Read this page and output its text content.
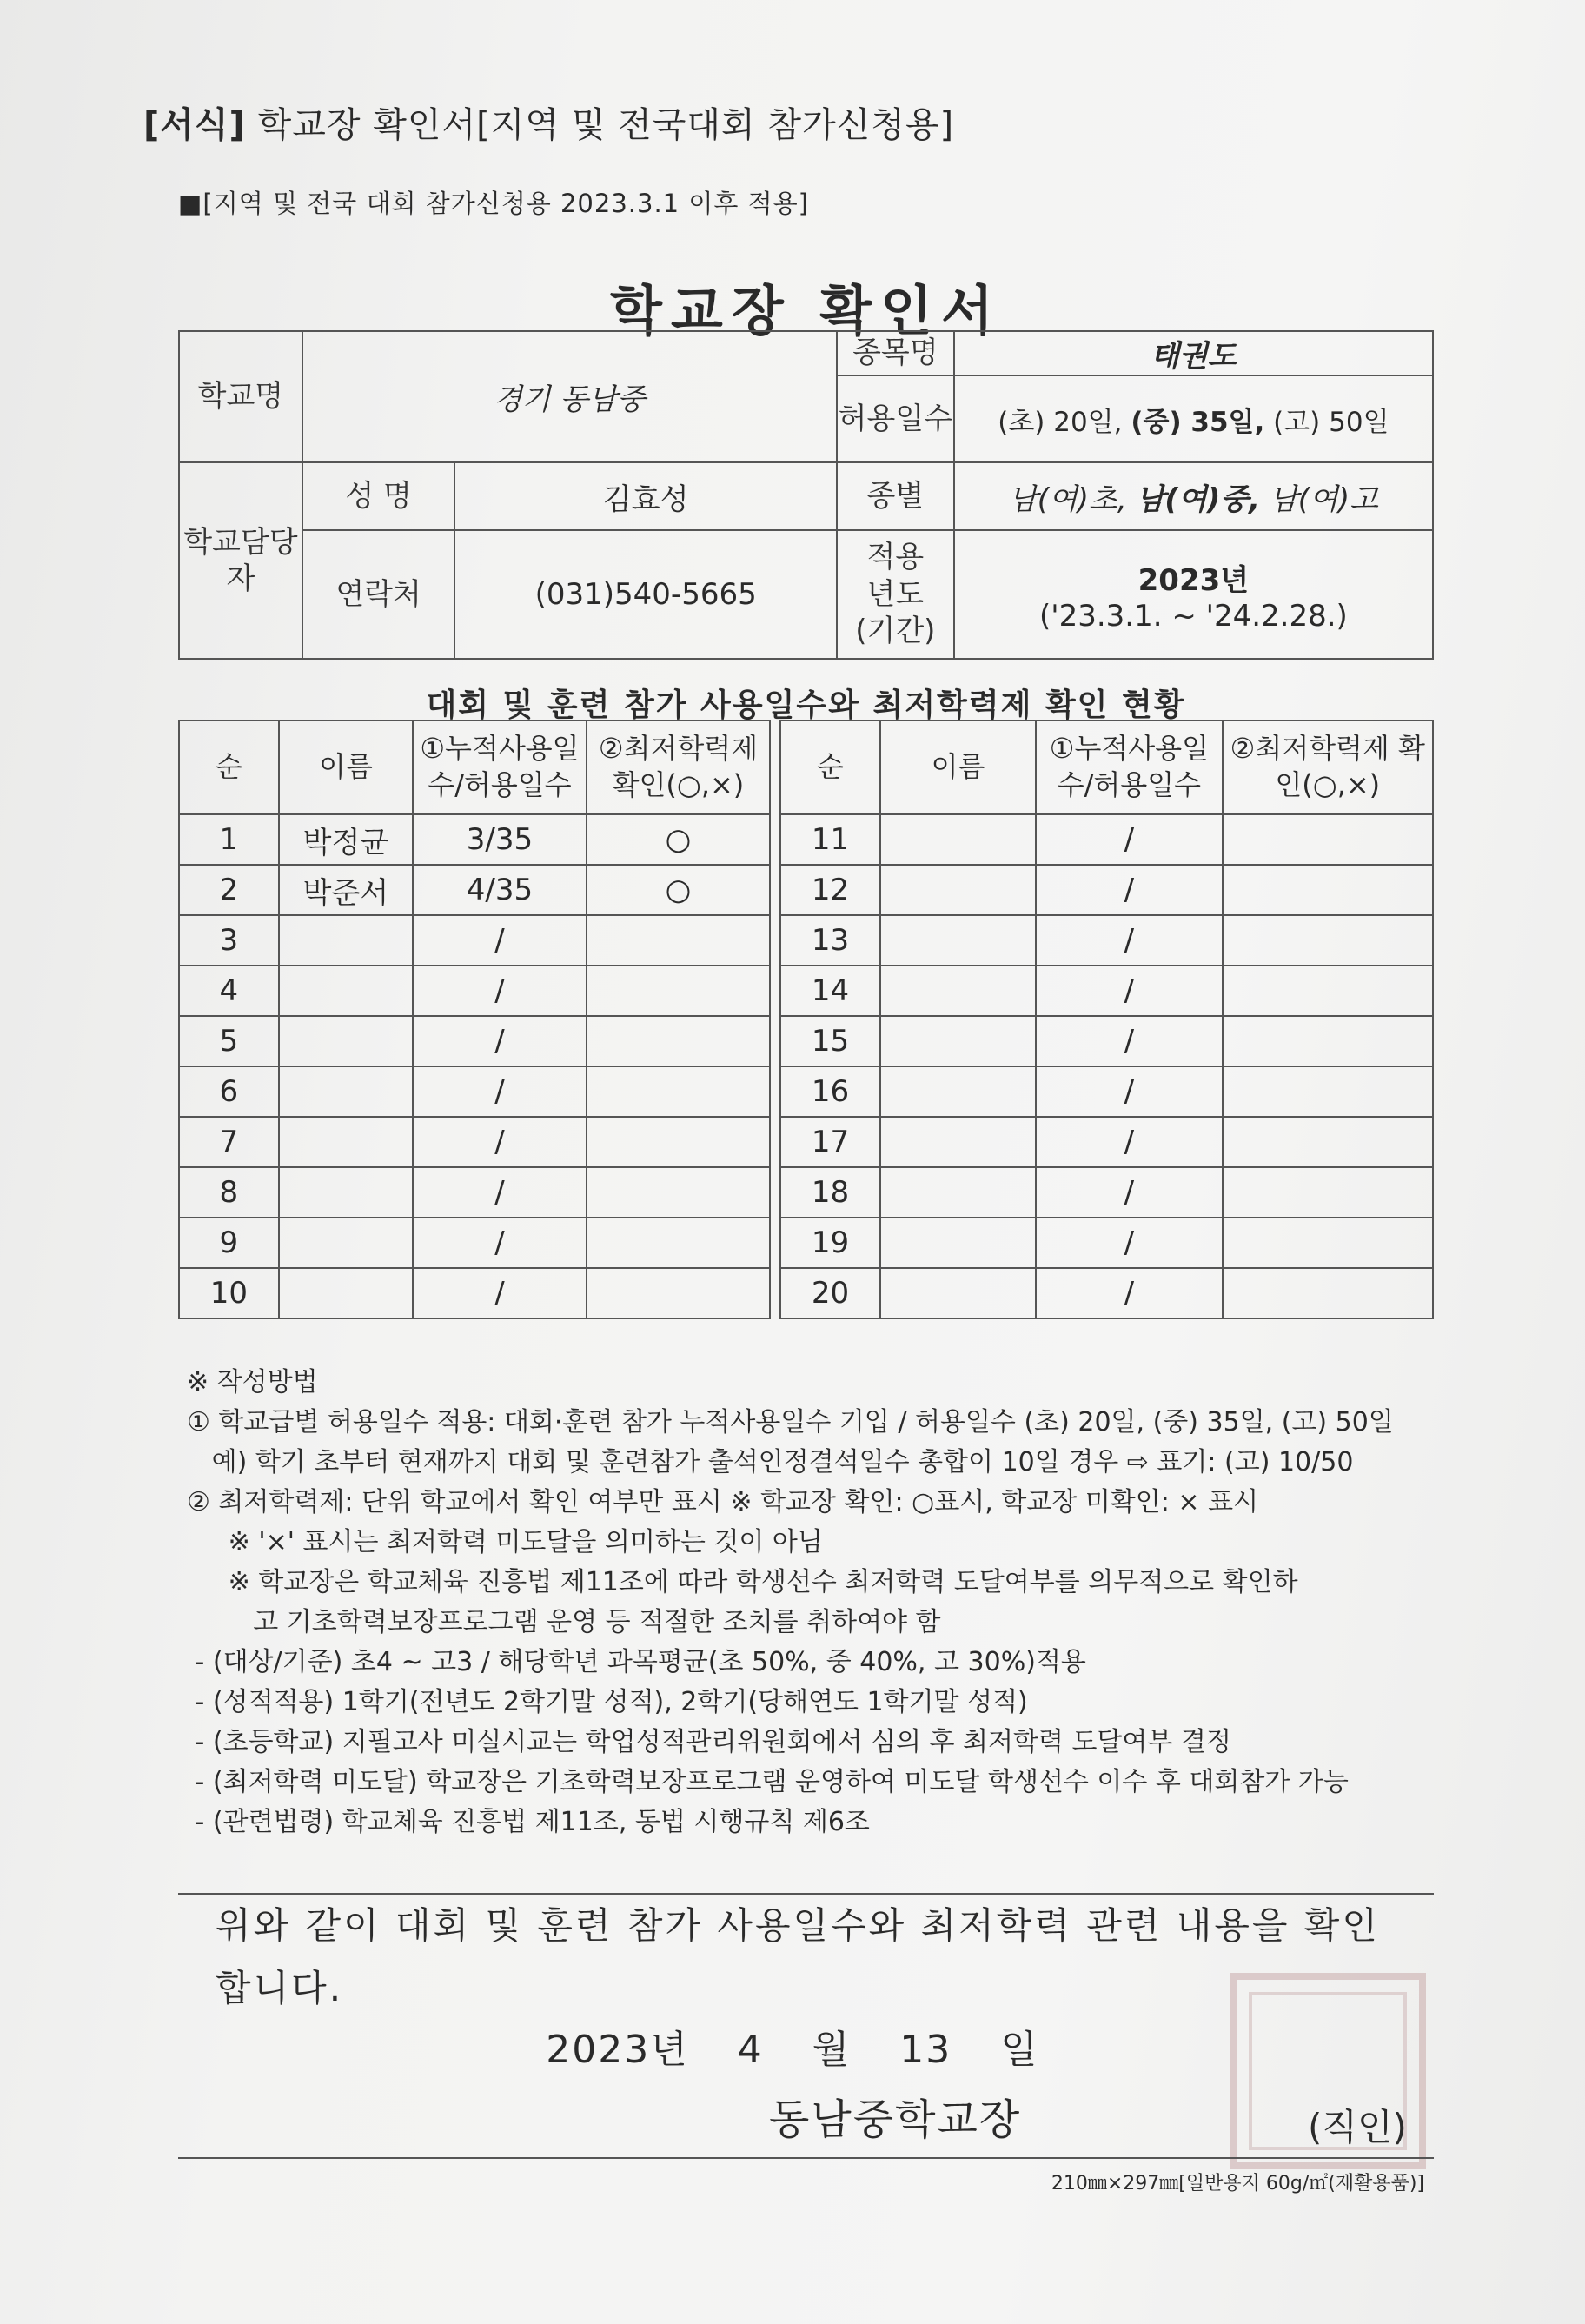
[서식] 학교장 확인서[지역 및 전국대회 참가신청용]
■[지역 및 전국 대회 참가신청용 2023.3.1 이후 적용]
학교장 확인서
학교명	경기 동남중		종목명	태권도
			허용일수	(초) 20일, (중) 35일, (고) 50일
학교담당자	성 명	김효성	종별	남(여)초, 남(여)중, 남(여)고
	연락처	(031)540-5665	적용년도(기간)	2023년
('23.3.1. ~ '24.2.28.)
대회 및 훈련 참가 사용일수와 최저학력제 확인 현황
순	이름	①누적사용일수/허용일수	②최저학력제 확인(○,×)		순	이름	①누적사용일수/허용일수	②최저학력제 확인(○,×)
1	박정균	3/35	○		11		/	
2	박준서	4/35	○		12		/	
3		/			13		/	
4		/			14		/	
5		/			15		/	
6		/			16		/	
7		/			17		/	
8		/			18		/	
9		/			19		/	
10		/			20		/	
※ 작성방법
① 학교급별 허용일수 적용: 대회·훈련 참가 누적사용일수 기입 / 허용일수 (초) 20일, (중) 35일, (고) 50일
예) 학기 초부터 현재까지 대회 및 훈련참가 출석인정결석일수 총합이 10일 경우 ⇨ 표기: (고) 10/50
② 최저학력제: 단위 학교에서 확인 여부만 표시 ※ 학교장 확인: ○표시, 학교장 미확인: × 표시
※ '×' 표시는 최저학력 미도달을 의미하는 것이 아님
※ 학교장은 학교체육 진흥법 제11조에 따라 학생선수 최저학력 도달여부를 의무적으로 확인하
고 기초학력보장프로그램 운영 등 적절한 조치를 취하여야 함
- (대상/기준) 초4 ~ 고3 / 해당학년 과목평균(초 50%, 중 40%, 고 30%)적용
- (성적적용) 1학기(전년도 2학기말 성적), 2학기(당해연도 1학기말 성적)
- (초등학교) 지필고사 미실시교는 학업성적관리위원회에서 심의 후 최저학력 도달여부 결정
- (최저학력 미도달) 학교장은 기초학력보장프로그램 운영하여 미도달 학생선수 이수 후 대회참가 가능
- (관련법령) 학교체육 진흥법 제11조, 동법 시행규칙 제6조
위와 같이 대회 및 훈련 참가 사용일수와 최저학력 관련 내용을 확인합니다.
2023년 4 월 13 일
동남중학교장	(직인)
210㎜×297㎜[일반용지 60g/㎡(재활용품)]
